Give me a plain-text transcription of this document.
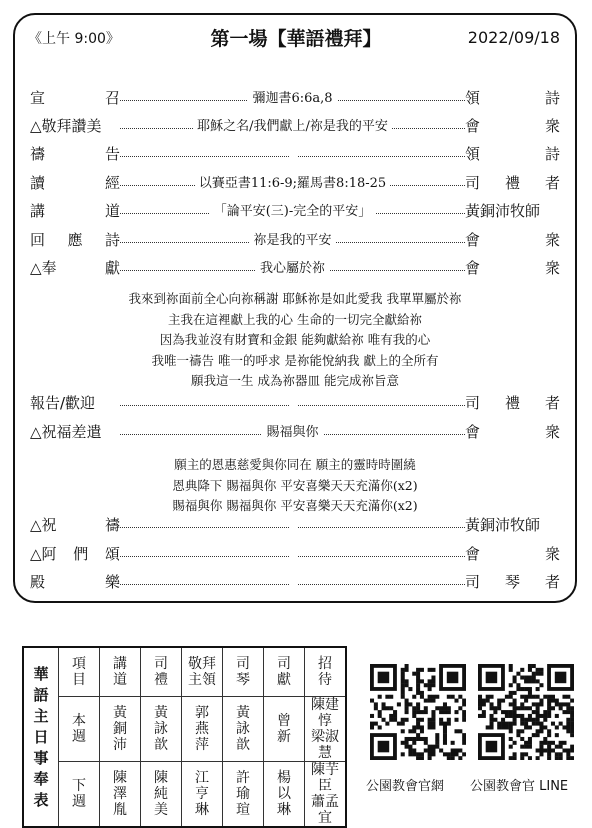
《上午 9:00》	第一場【華語禮拜】	2022/09/18
宣	召	彌迦書6:6a,8	領	詩
△敬拜讚美	耶穌之名/我們獻上/祢是我的平安	會	衆
禱	告	領	詩
讀	經	以賽亞書11:6-9;羅馬書8:18-25	司 禮 者
講	道	「論平安(三)-完全的平安」	黃銅沛牧師
回 應 詩	祢是我的平安	會	衆
△奉	獻	我心屬於祢	會	衆
報告/歡迎	司 禮 者
△祝福差遣	賜福與你	會	衆
△祝	禱	黃銅沛牧師
△阿 們 頌	會	衆
殿	樂	司 琴 者
我來到祢面前全心向祢稱謝 耶穌祢是如此愛我 我單單屬於祢
主我在這裡獻上我的心 生命的一切完全獻給祢
因為我並沒有財寶和金銀 能夠獻給祢 唯有我的心
我唯一禱告 唯一的呼求 是祢能悅納我 獻上的全所有
願我這一生 成為祢器皿 能完成祢旨意
願主的恩惠慈愛與你同在 願主的靈時時圍繞
恩典降下 賜福與你 平安喜樂天天充滿你(x2)
賜福與你 賜福與你 平安喜樂天天充滿你(x2)
華語主日事奉表	項目	講道	司禮	敬拜主領	司琴	司獻	招待
	本週	黃銅沛	黃詠歆	郭燕萍	黃詠歆	曾新	陳建惇 梁淑慧
	下週	陳澤胤	陳純美	江亨琳	許瑜瑄	楊以琳	陳芋臣 蕭孟宜
公園教會官網 公園教會官 LINE
